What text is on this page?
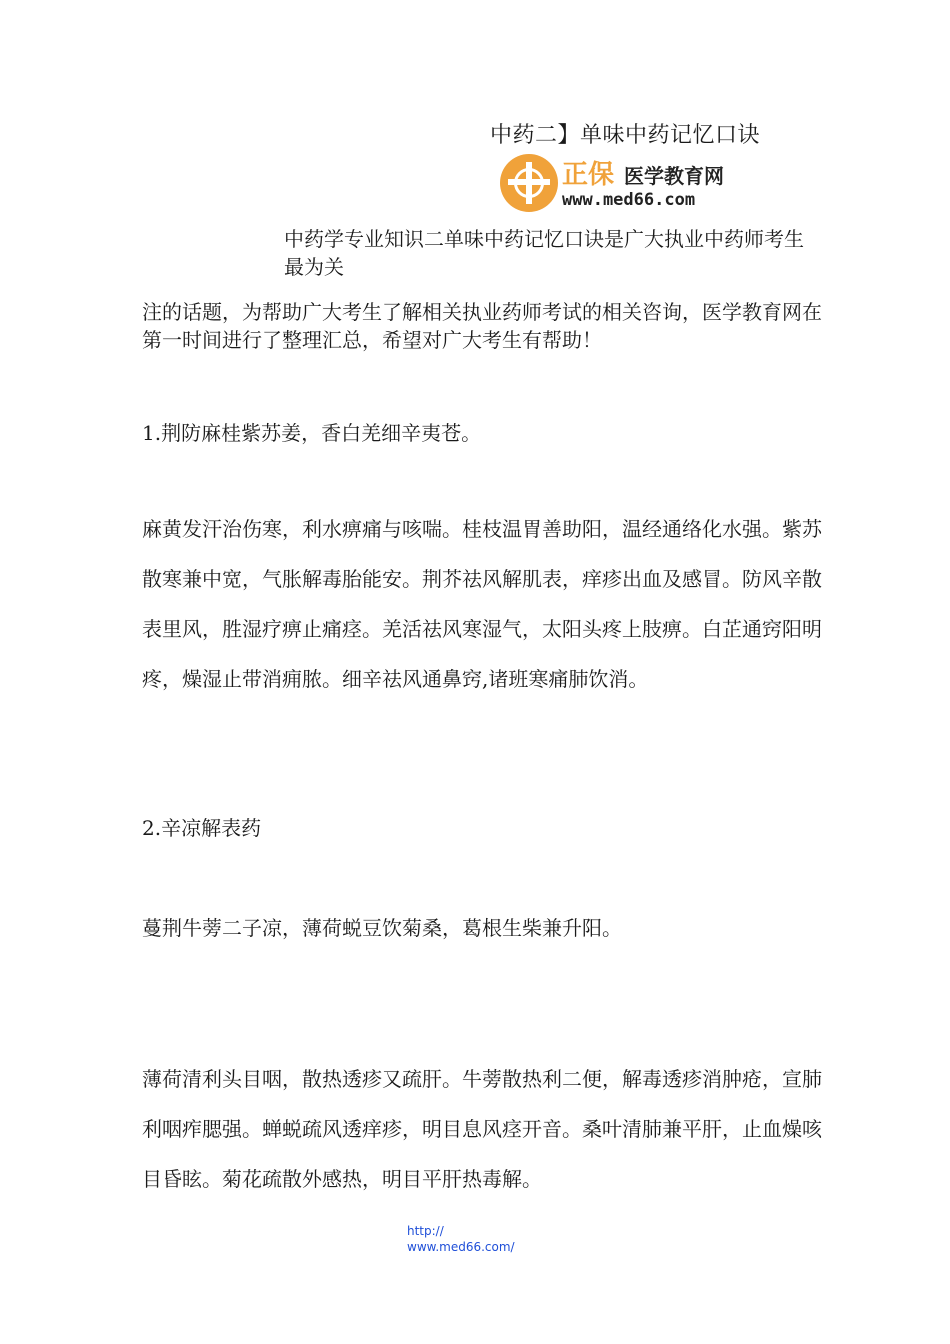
中药二】单味中药记忆口诀
正保 医学教育网
www.med66.com
中药学专业知识二单味中药记忆口诀是广大执业中药师考生最为关
注的话题，为帮助广大考生了解相关执业药师考试的相关咨询，医学教育网在第一时间进行了整理汇总，希望对广大考生有帮助！
1.荆防麻桂紫苏姜，香白羌细辛夷苍。
麻黄发汗治伤寒，利水痹痛与咳喘。桂枝温胃善助阳，温经通络化水强。紫苏散寒兼中宽，气胀解毒胎能安。荆芥祛风解肌表，痒疹出血及感冒。防风辛散表里风，胜湿疗痹止痛痉。羌活祛风寒湿气，太阳头疼上肢痹。白芷通窍阳明疼，燥湿止带消痈脓。细辛祛风通鼻窍,诸班寒痛肺饮消。
2.辛凉解表药
蔓荆牛蒡二子凉，薄荷蜕豆饮菊桑，葛根生柴兼升阳。
薄荷清利头目咽，散热透疹又疏肝。牛蒡散热利二便，解毒透疹消肿疮，宣肺利咽痄腮强。蝉蜕疏风透痒疹，明目息风痉开音。桑叶清肺兼平肝，止血燥咳目昏眩。菊花疏散外感热，明目平肝热毒解。
http://
www.med66.com/
